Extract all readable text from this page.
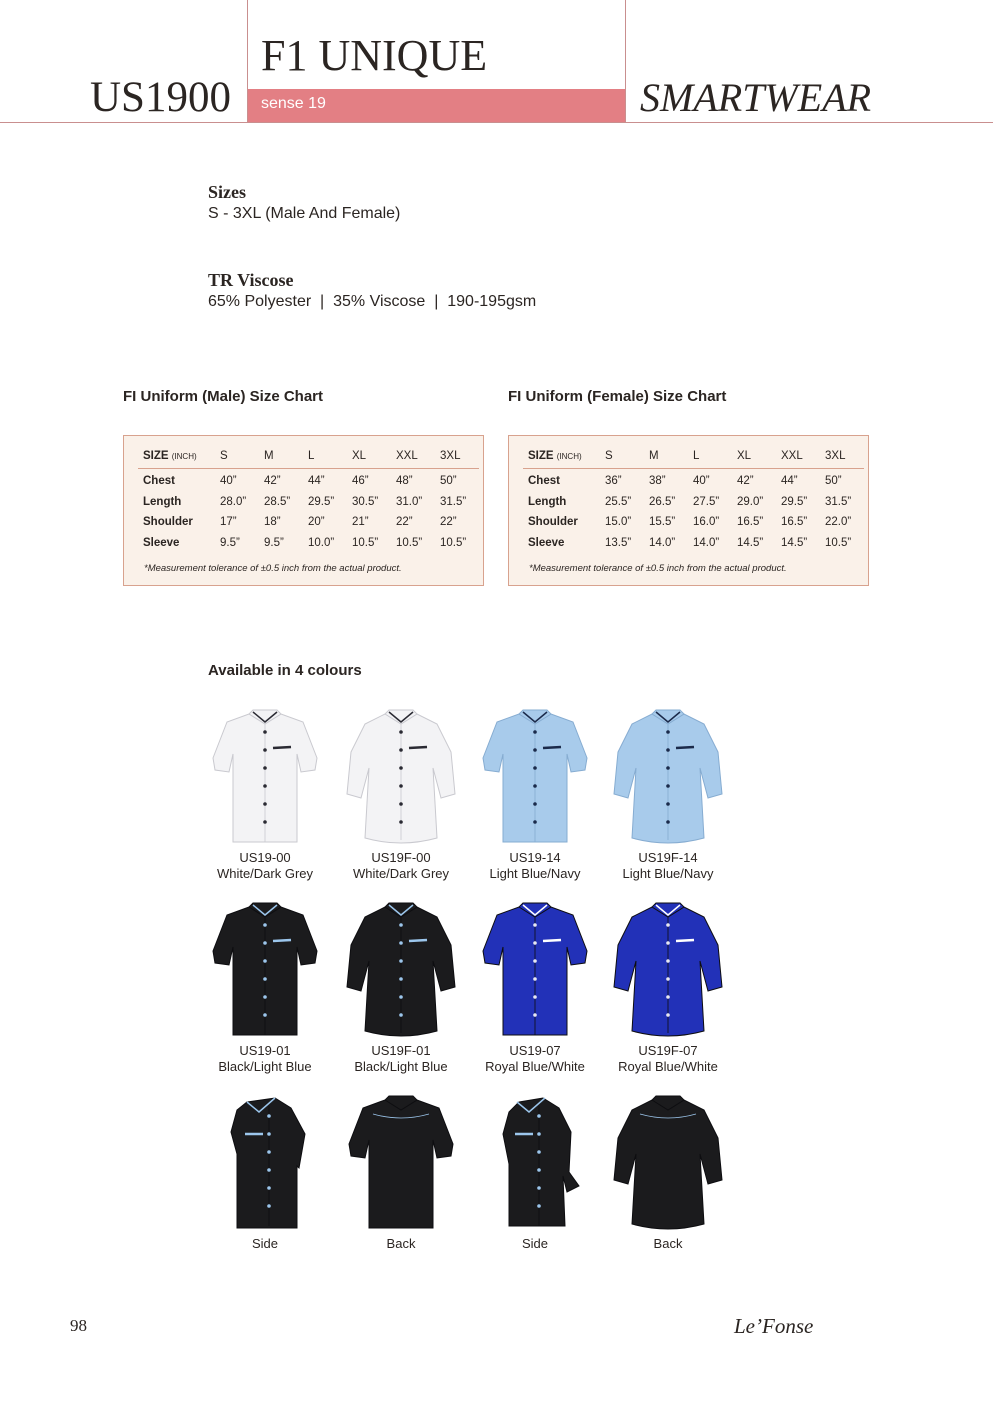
US1900
F1 UNIQUE
sense 19	SMARTWEAR

Sizes

S - 3XL (Male And Female)

TR Viscose

65% Polyester  |  35% Viscose  |  190-195gsm

FI Uniform (Male) Size Chart
SIZE (INCH)	S	M	L	XL	XXL	3XL
Chest	40”	42”	44”	46”	48”	50”
Length	28.0”	28.5”	29.5”	30.5”	31.0”	31.5”
Shoulder	17”	18”	20”	21”	22”	22”
Sleeve	9.5”	9.5”	10.0”	10.5”	10.5”	10.5”
*Measurement tolerance of ±0.5 inch from the actual product.
FI Uniform (Female) Size Chart
SIZE (INCH)	S	M	L	XL	XXL	3XL
Chest	36”	38”	40”	42”	44”	50”
Length	25.5”	26.5”	27.5”	29.0”	29.5”	31.5”
Shoulder	15.0”	15.5”	16.0”	16.5”	16.5”	22.0”
Sleeve	13.5”	14.0”	14.0”	14.5”	14.5”	10.5”
*Measurement tolerance of ±0.5 inch from the actual product.
Available in 4 colours
US19-00
White/Dark Grey
US19F-00
White/Dark Grey
US19-14
Light Blue/Navy
US19F-14
Light Blue/Navy
US19-01
Black/Light Blue
US19F-01
Black/Light Blue
US19-07
Royal Blue/White
US19F-07
Royal Blue/White
Side	Back	Side	Back
98	Le’Fonse
